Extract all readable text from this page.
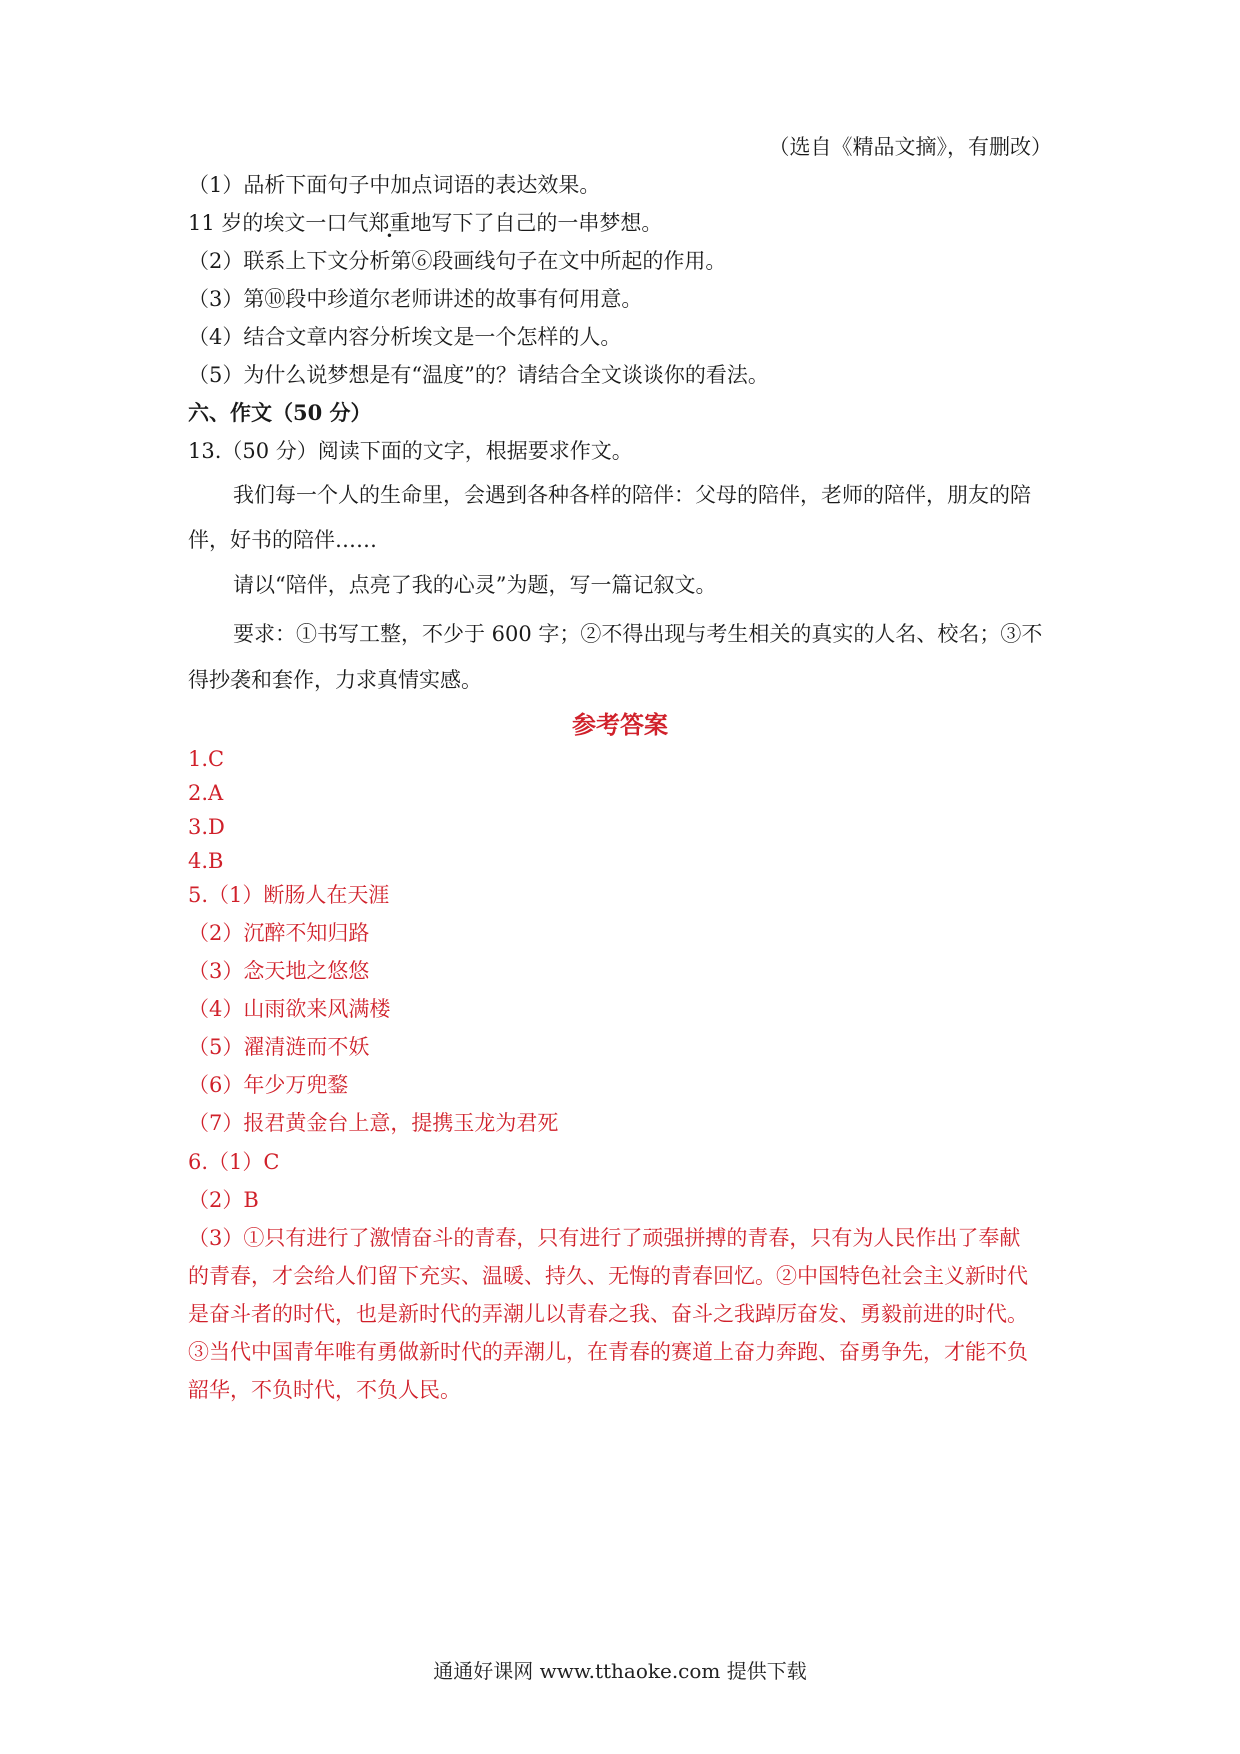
（选自《精品文摘》，有删改）
（1）品析下面句子中加点词语的表达效果。
11 岁的埃文一口气郑重地写下了自己的一串梦想。
（2）联系上下文分析第⑥段画线句子在文中所起的作用。
（3）第⑩段中珍道尔老师讲述的故事有何用意。
（4）结合文章内容分析埃文是一个怎样的人。
（5）为什么说梦想是有“温度”的？请结合全文谈谈你的看法。
六、作文（50 分）
13.（50 分）阅读下面的文字，根据要求作文。
我们每一个人的生命里，会遇到各种各样的陪伴：父母的陪伴，老师的陪伴，朋友的陪
伴，好书的陪伴……
请以“陪伴，点亮了我的心灵”为题，写一篇记叙文。
要求：①书写工整，不少于 600 字；②不得出现与考生相关的真实的人名、校名；③不
得抄袭和套作，力求真情实感。
参考答案
1.C
2.A
3.D
4.B
5.（1）断肠人在天涯
（2）沉醉不知归路
（3）念天地之悠悠
（4）山雨欲来风满楼
（5）濯清涟而不妖
（6）年少万兜鍪
（7）报君黄金台上意，提携玉龙为君死
6.（1）C
（2）B
（3）①只有进行了激情奋斗的青春，只有进行了顽强拼搏的青春，只有为人民作出了奉献
的青春，才会给人们留下充实、温暖、持久、无悔的青春回忆。②中国特色社会主义新时代
是奋斗者的时代，也是新时代的弄潮儿以青春之我、奋斗之我踔厉奋发、勇毅前进的时代。
③当代中国青年唯有勇做新时代的弄潮儿，在青春的赛道上奋力奔跑、奋勇争先，才能不负
韶华，不负时代，不负人民。
通通好课网 www.tthaoke.com 提供下载
